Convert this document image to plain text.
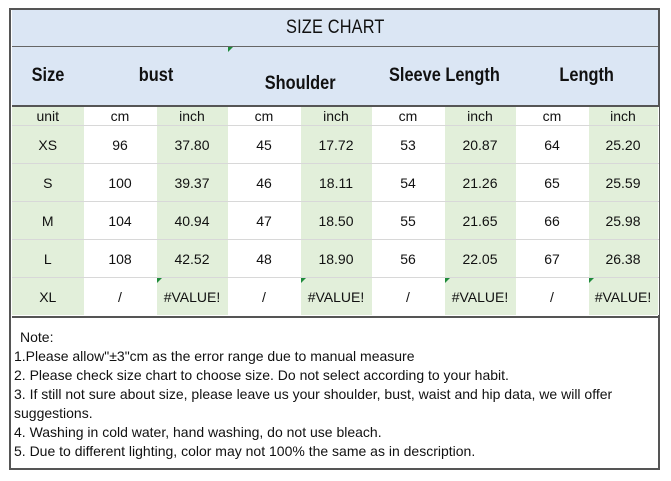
SIZE CHART
Size	bust	Shoulder	Sleeve Length	Length
unit	cm	inch	cm	inch	cm	inch	cm	inch
XS	96	37.80	45	17.72	53	20.87	64	25.20
S	100	39.37	46	18.11	54	21.26	65	25.59
M	104	40.94	47	18.50	55	21.65	66	25.98
L	108	42.52	48	18.90	56	22.05	67	26.38
XL	/	#VALUE!	/	#VALUE!	/	#VALUE!	/	#VALUE!
Note:
1.Please allow"±3"cm as the error range due to manual measure
2. Please check size chart to choose size. Do not select according to your habit.
3. If still not sure about size, please leave us your shoulder, bust, waist and hip data, we will offer suggestions.
4. Washing in cold water, hand washing, do not use bleach.
5. Due to different lighting, color may not 100% the same as in description.
